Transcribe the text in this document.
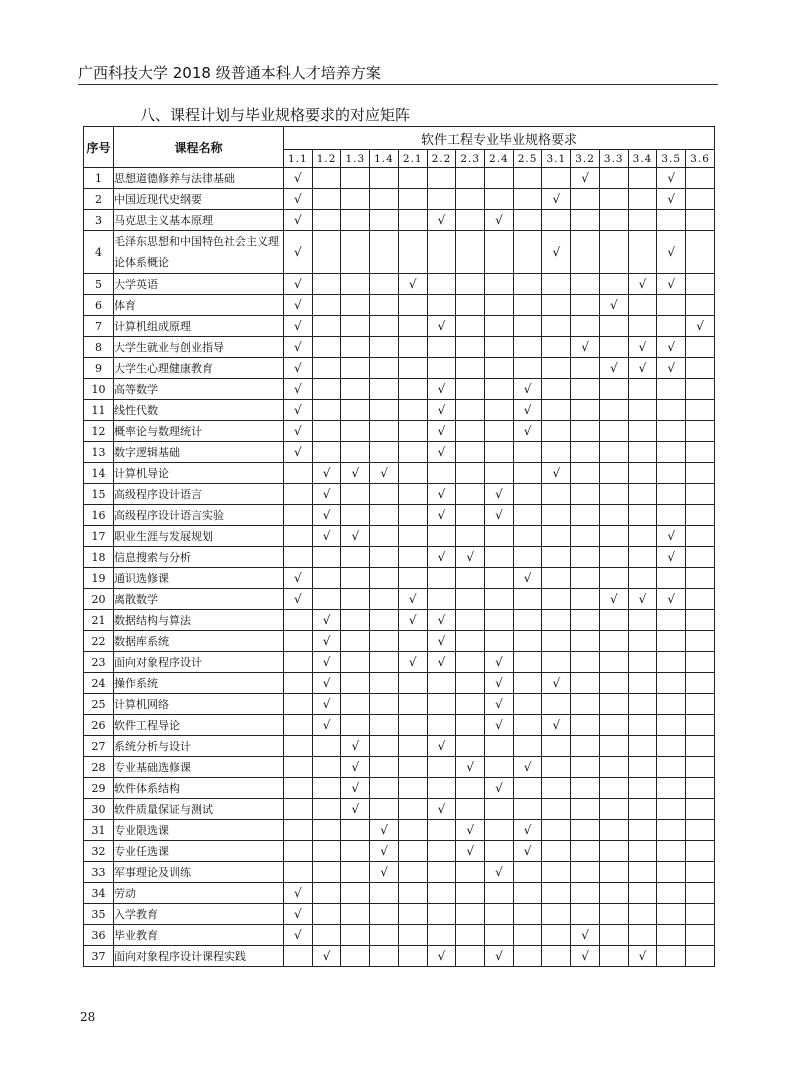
广西科技大学 2018 级普通本科人才培养方案
八、课程计划与毕业规格要求的对应矩阵
序号	课程名称	软件工程专业毕业规格要求														
		1.1	1.2	1.3	1.4	2.1	2.2	2.3	2.4	2.5	3.1	3.2	3.3	3.4	3.5	3.6
1	思想道德修养与法律基础	√										√			√	
2	中国近现代史纲要	√									√				√	
3	马克思主义基本原理	√					√		√							
4	毛泽东思想和中国特色社会主义理论体系概论	√									√				√	
5	大学英语	√				√								√	√	
6	体育	√											√			
7	计算机组成原理	√					√									√
8	大学生就业与创业指导	√										√		√	√	
9	大学生心理健康教育	√											√	√	√	
10	高等数学	√					√			√						
11	线性代数	√					√			√						
12	概率论与数理统计	√					√			√						
13	数字逻辑基础	√					√									
14	计算机导论		√	√	√						√					
15	高级程序设计语言		√				√		√							
16	高级程序设计语言实验		√				√		√							
17	职业生涯与发展规划		√	√											√	
18	信息搜索与分析						√	√							√	
19	通识选修课	√								√						
20	离散数学	√				√							√	√	√	
21	数据结构与算法		√			√	√									
22	数据库系统		√				√									
23	面向对象程序设计		√			√	√		√							
24	操作系统		√						√		√					
25	计算机网络		√						√							
26	软件工程导论		√						√		√					
27	系统分析与设计			√			√									
28	专业基础选修课			√				√		√						
29	软件体系结构			√					√							
30	软件质量保证与测试			√			√									
31	专业限选课				√			√		√						
32	专业任选课				√			√		√						
33	军事理论及训练				√				√							
34	劳动	√														
35	入学教育	√														
36	毕业教育	√										√				
37	面向对象程序设计课程实践		√				√		√			√		√		
28
